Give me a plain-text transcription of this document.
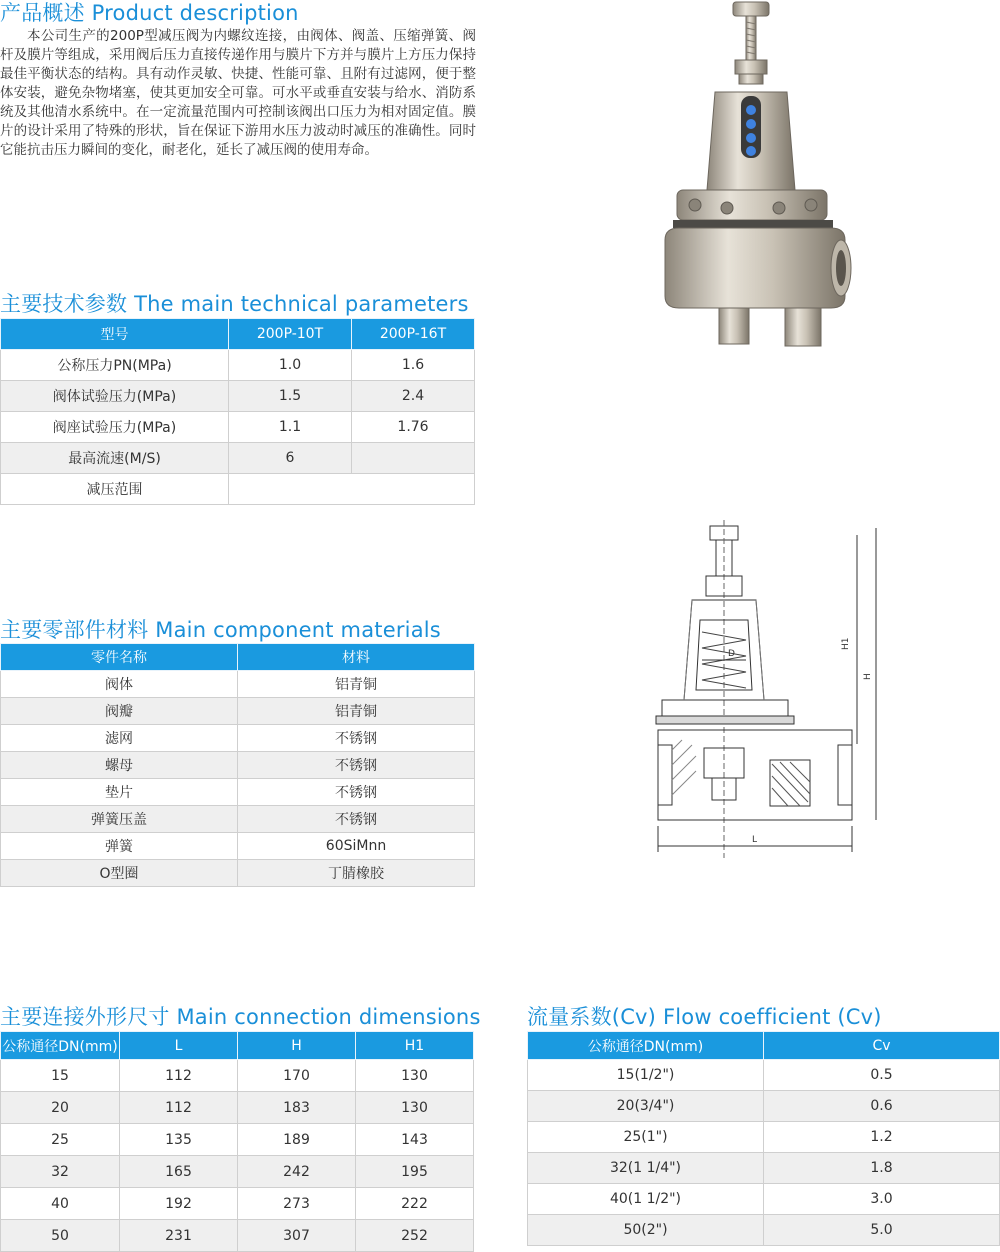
产品概述 Product description
本公司生产的200P型减压阀为内螺纹连接，由阀体、阀盖、压缩弹簧、阀杆及膜片等组成，采用阀后压力直接传递作用与膜片下方并与膜片上方压力保持最佳平衡状态的结构。具有动作灵敏、快捷、性能可靠、且附有过滤网，便于整体安装，避免杂物堵塞，使其更加安全可靠。可水平或垂直安装与给水、消防系统及其他清水系统中。在一定流量范围内可控制该阀出口压力为相对固定值。膜片的设计采用了特殊的形状，旨在保证下游用水压力波动时减压的准确性。同时它能抗击压力瞬间的变化，耐老化，延长了减压阀的使用寿命。
主要技术参数 The main technical parameters
型号	200P-10T	200P-16T
公称压力PN(MPa)	1.0	1.6
阀体试验压力(MPa)	1.5	2.4
阀座试验压力(MPa)	1.1	1.76
最高流速(M/S)	6	
减压范围		
H1
H
D
L
主要零部件材料 Main component materials
零件名称	材料
阀体	铝青铜
阀瓣	铝青铜
滤网	不锈钢
螺母	不锈钢
垫片	不锈钢
弹簧压盖	不锈钢
弹簧	60SiMnn
O型圈	丁腈橡胶
主要连接外形尺寸 Main connection dimensions
公称通径DN(mm)	L	H	H1
15	112	170	130
20	112	183	130
25	135	189	143
32	165	242	195
40	192	273	222
50	231	307	252
流量系数(Cv) Flow coefficient (Cv)
公称通径DN(mm)	Cv
15(1/2")	0.5
20(3/4")	0.6
25(1")	1.2
32(1 1/4")	1.8
40(1 1/2")	3.0
50(2")	5.0
